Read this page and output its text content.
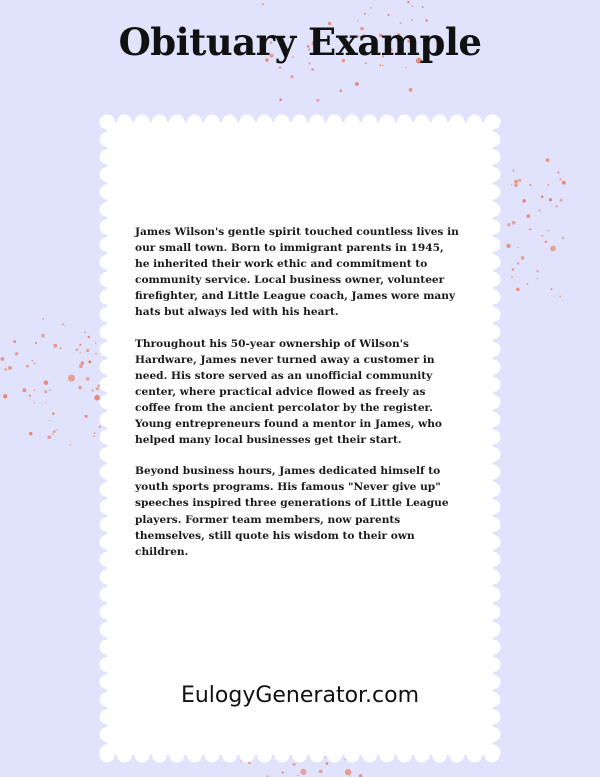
Obituary Example

James Wilson's gentle spirit touched countless lives in our small town. Born to immigrant parents in 1945, he inherited their work ethic and commitment to community service. Local business owner, volunteer firefighter, and Little League coach, James wore many hats but always led with his heart.

Throughout his 50-year ownership of Wilson's Hardware, James never turned away a customer in need. His store served as an unofficial community center, where practical advice flowed as freely as coffee from the ancient percolator by the register. Young entrepreneurs found a mentor in James, who helped many local businesses get their start.

Beyond business hours, James dedicated himself to youth sports programs. His famous "Never give up" speeches inspired three generations of Little League players. Former team members, now parents themselves, still quote his wisdom to their own children.

EulogyGenerator.com
